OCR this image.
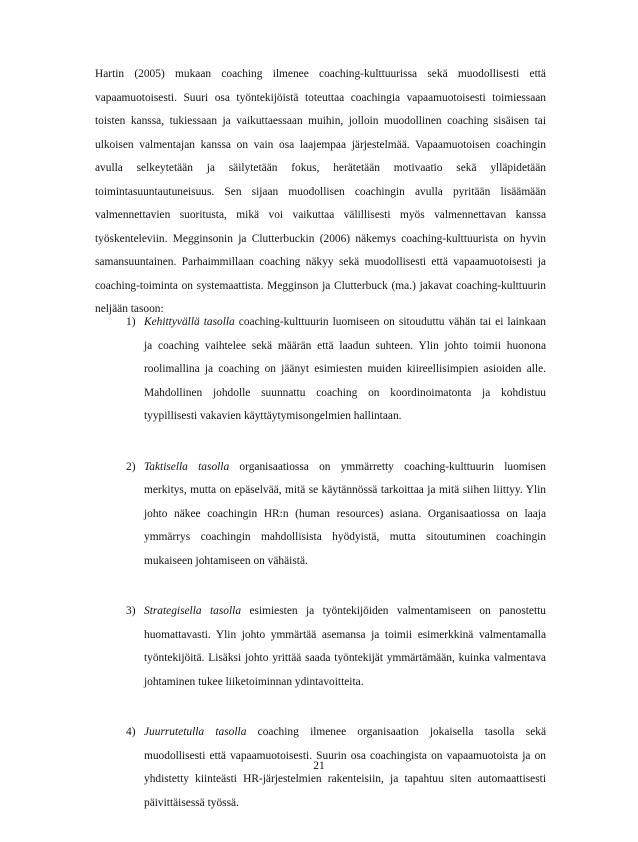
Hartin (2005) mukaan coaching ilmenee coaching-kulttuurissa sekä muodollisesti että vapaamuotoisesti. Suuri osa työntekijöistä toteuttaa coachingia vapaamuotoisesti toimiessaan toisten kanssa, tukiessaan ja vaikuttaessaan muihin, jolloin muodollinen coaching sisäisen tai ulkoisen valmentajan kanssa on vain osa laajempaa järjestelmää. Vapaamuotoisen coachingin avulla selkeytetään ja säilytetään fokus, herätetään motivaatio sekä ylläpidetään toimintasuuntautuneisuus. Sen sijaan muodollisen coachingin avulla pyritään lisäämään valmennettavien suoritusta, mikä voi vaikuttaa välillisesti myös valmennettavan kanssa työskenteleviin. Megginsonin ja Clutterbuckin (2006) näkemys coaching-kulttuurista on hyvin samansuuntainen. Parhaimmillaan coaching näkyy sekä muodollisesti että vapaamuotoisesti ja coaching-toiminta on systemaattista. Megginson ja Clutterbuck (ma.) jakavat coaching-kulttuurin neljään tasoon:

1) Kehittyvällä tasolla coaching-kulttuurin luomiseen on sitouduttu vähän tai ei lainkaan ja coaching vaihtelee sekä määrän että laadun suhteen. Ylin johto toimii huonona roolimallina ja coaching on jäänyt esimiesten muiden kiireellisimpien asioiden alle. Mahdollinen johdolle suunnattu coaching on koordinoimatonta ja kohdistuu tyypillisesti vakavien käyttäytymisongelmien hallintaan.
2) Taktisella tasolla organisaatiossa on ymmärretty coaching-kulttuurin luomisen merkitys, mutta on epäselvää, mitä se käytännössä tarkoittaa ja mitä siihen liittyy. Ylin johto näkee coachingin HR:n (human resources) asiana. Organisaatiossa on laaja ymmärrys coachingin mahdollisista hyödyistä, mutta sitoutuminen coachingin mukaiseen johtamiseen on vähäistä.
3) Strategisella tasolla esimiesten ja työntekijöiden valmentamiseen on panostettu huomattavasti. Ylin johto ymmärtää asemansa ja toimii esimerkkinä valmentamalla työntekijöitä. Lisäksi johto yrittää saada työntekijät ymmärtämään, kuinka valmentava johtaminen tukee liiketoiminnan ydintavoitteita.
4) Juurrutetulla tasolla coaching ilmenee organisaation jokaisella tasolla sekä muodollisesti että vapaamuotoisesti. Suurin osa coachingista on vapaamuotoista ja on yhdistetty kiinteästi HR-järjestelmien rakenteisiin, ja tapahtuu siten automaattisesti päivittäisessä työssä.

21
